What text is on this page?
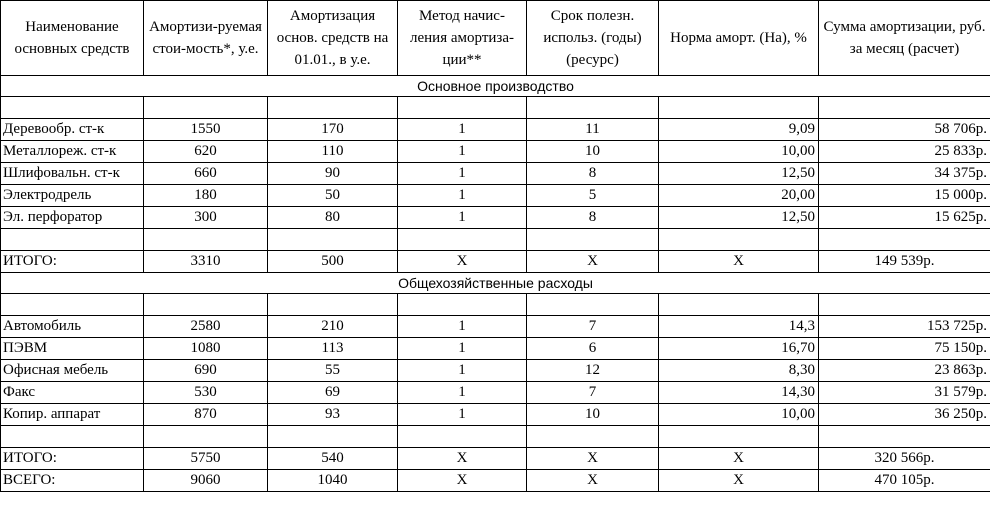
Наименование основных средств	Амортизи-руемая стои-мость*, у.е.	Амортизация основ. средств на 01.01., в у.е.	Метод начис-ления амортиза-ции**	Срок полезн. использ. (годы) (ресурс)	Норма аморт. (На), %	Сумма амортизации, руб. за месяц (расчет)
Основное производство						

Деревообр. ст-к	1550	170	1	11	9,09	58 706р.
Металлореж. ст-к	620	110	1	10	10,00	25 833р.
Шлифовальн. ст-к	660	90	1	8	12,50	34 375р.
Электродрель	180	50	1	5	20,00	15 000р.
Эл. перфоратор	300	80	1	8	12,50	15 625р.

ИТОГО:	3310	500	Х	Х	Х	149 539р.
Общехозяйственные расходы						

Автомобиль	2580	210	1	7	14,3	153 725р.
ПЭВМ	1080	113	1	6	16,70	75 150р.
Офисная мебель	690	55	1	12	8,30	23 863р.
Факс	530	69	1	7	14,30	31 579р.
Копир. аппарат	870	93	1	10	10,00	36 250р.

ИТОГО:	5750	540	Х	Х	Х	320 566р.
ВСЕГО:	9060	1040	Х	Х	Х	470 105р.
